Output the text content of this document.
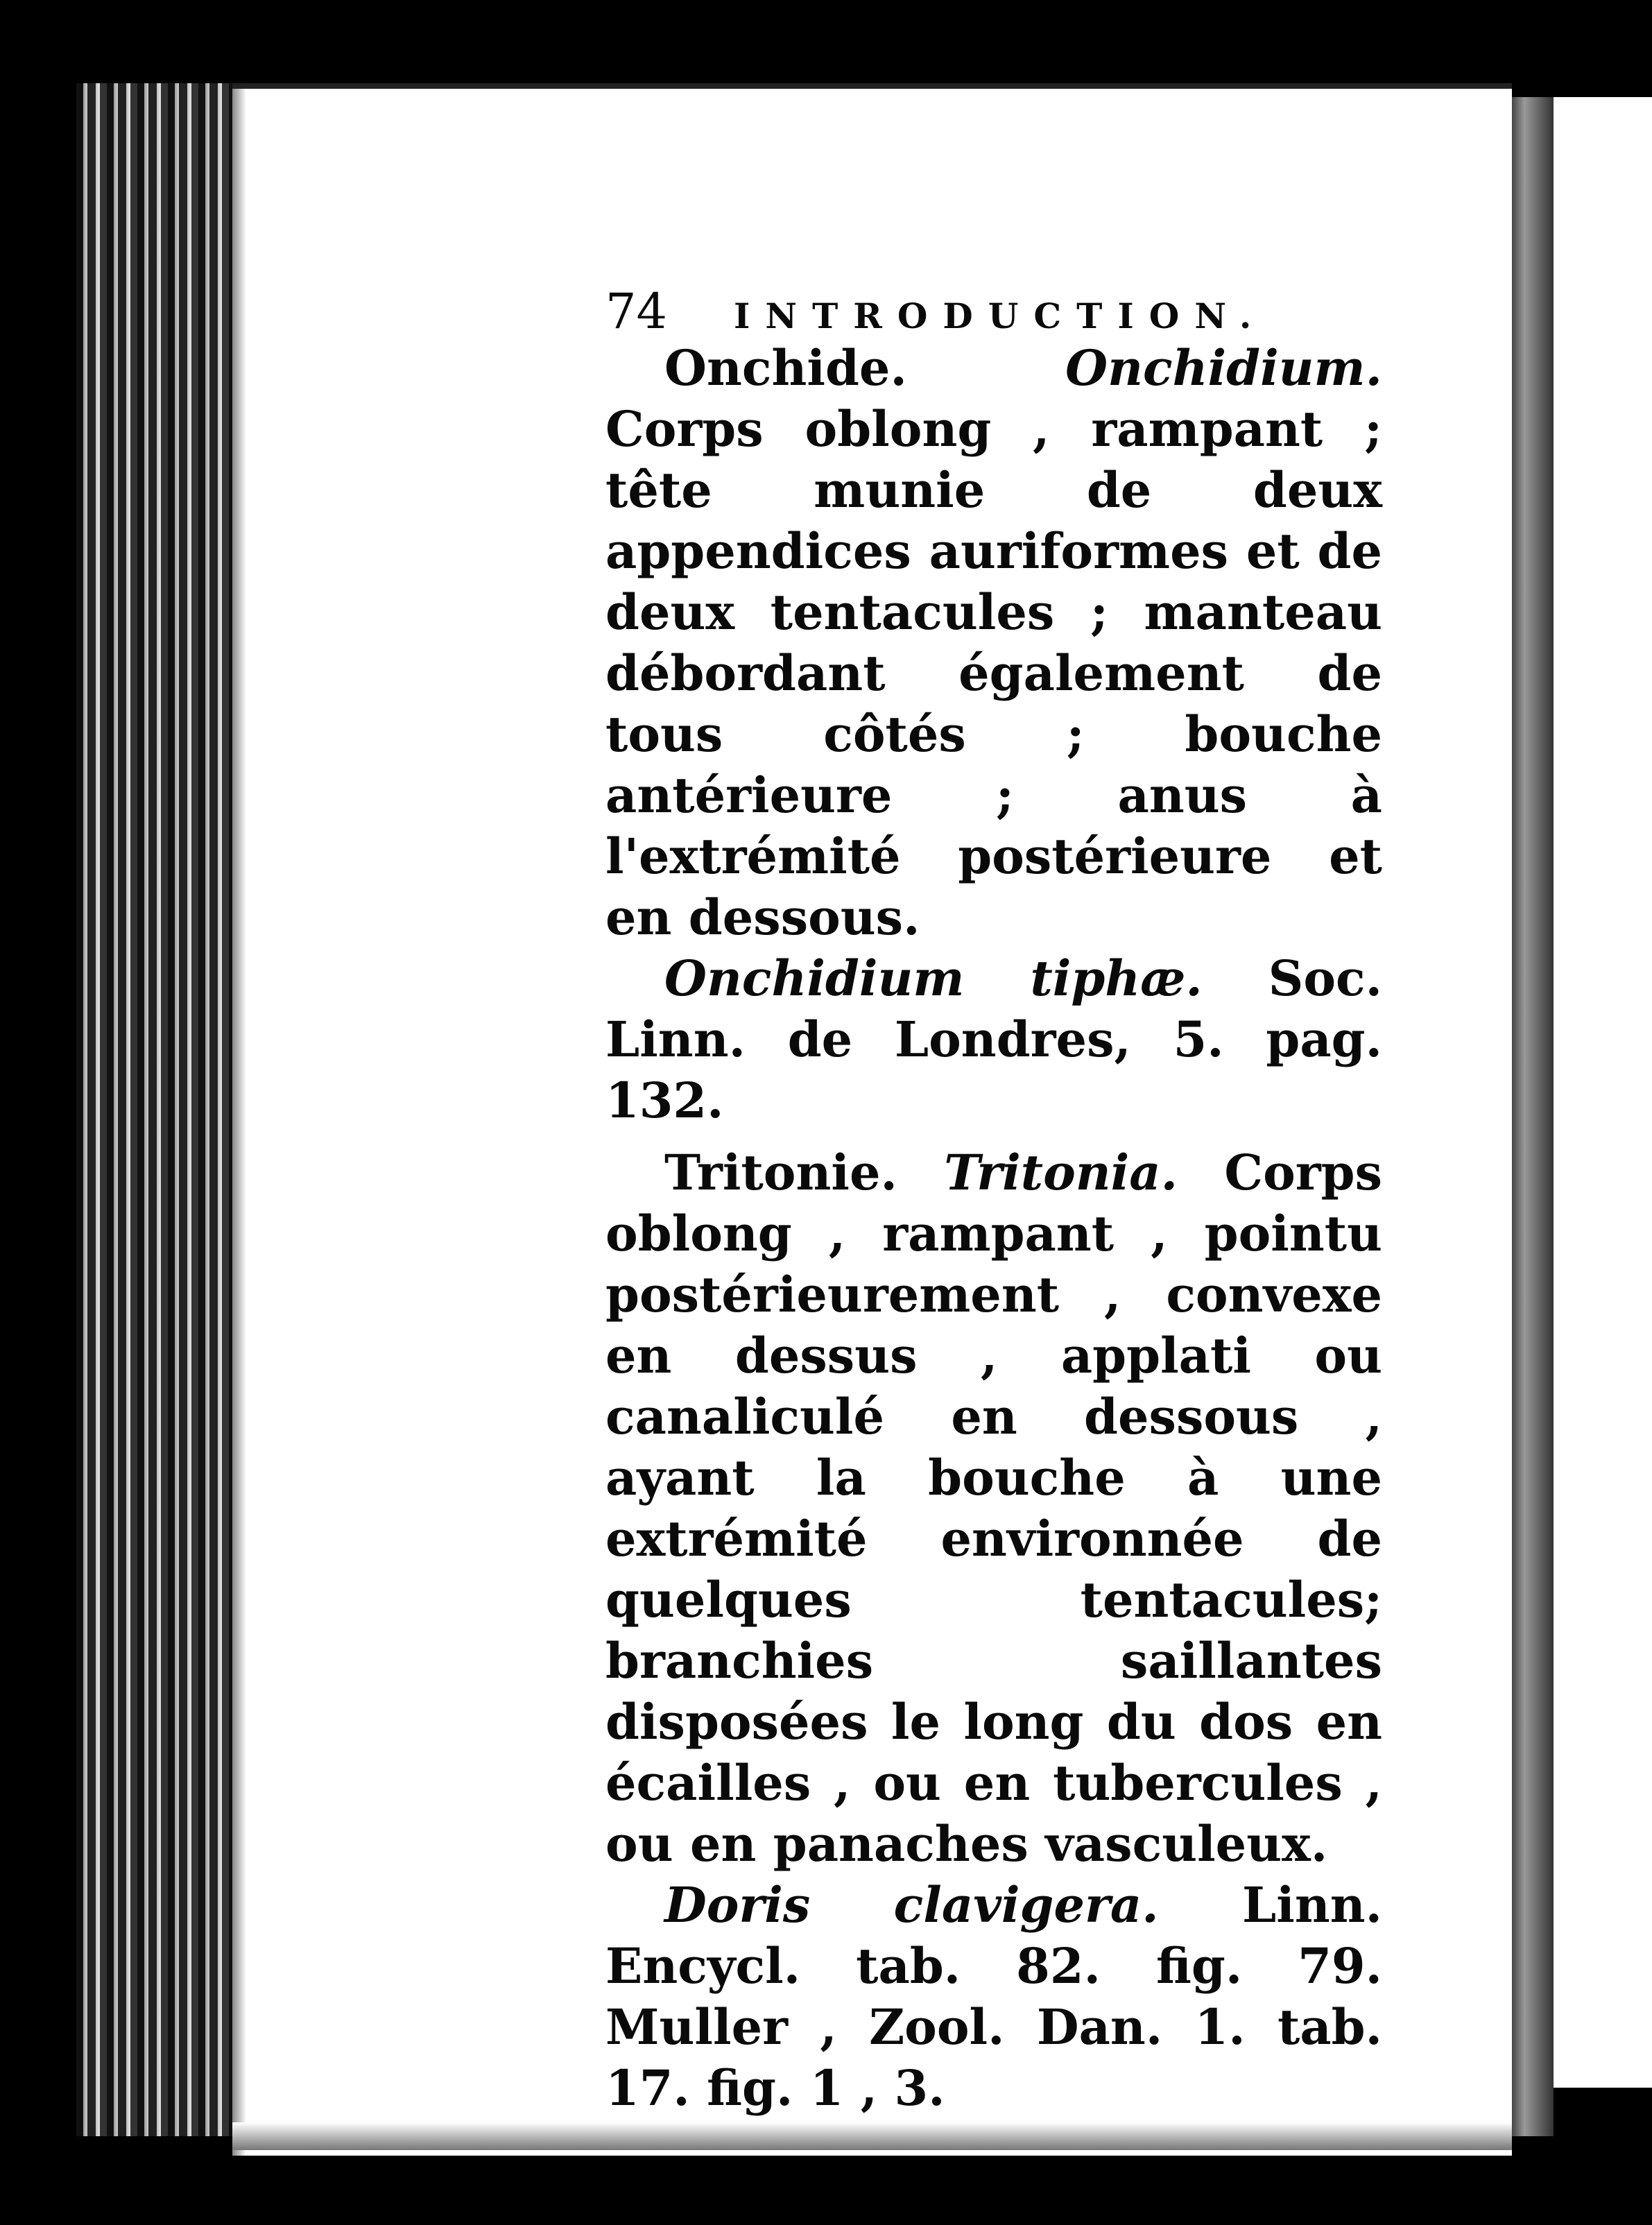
74	INTRODUCTION.

Onchide.	Onchidium. Corps oblong , rampant ; tête munie de deux appendices auriformes et de deux tentacules ; manteau débordant également de tous côtés ; bouche antérieure ; anus à l'extrémité postérieure et en dessous.

Onchidium tiphæ. Soc. Linn. de Londres, 5. pag. 132.

Tritonie. Tritonia. Corps oblong , rampant , pointu postérieurement , convexe en dessus , applati ou canaliculé en dessous , ayant la bouche à une extrémité environnée de quelques tentacules; branchies saillantes disposées le long du dos en écailles , ou en tubercules , ou en panaches vasculeux.

Doris clavigera. Linn. Encycl. tab. 82. fig. 79. Muller , Zool. Dan. 1. tab. 17. fig. 1 , 3.
